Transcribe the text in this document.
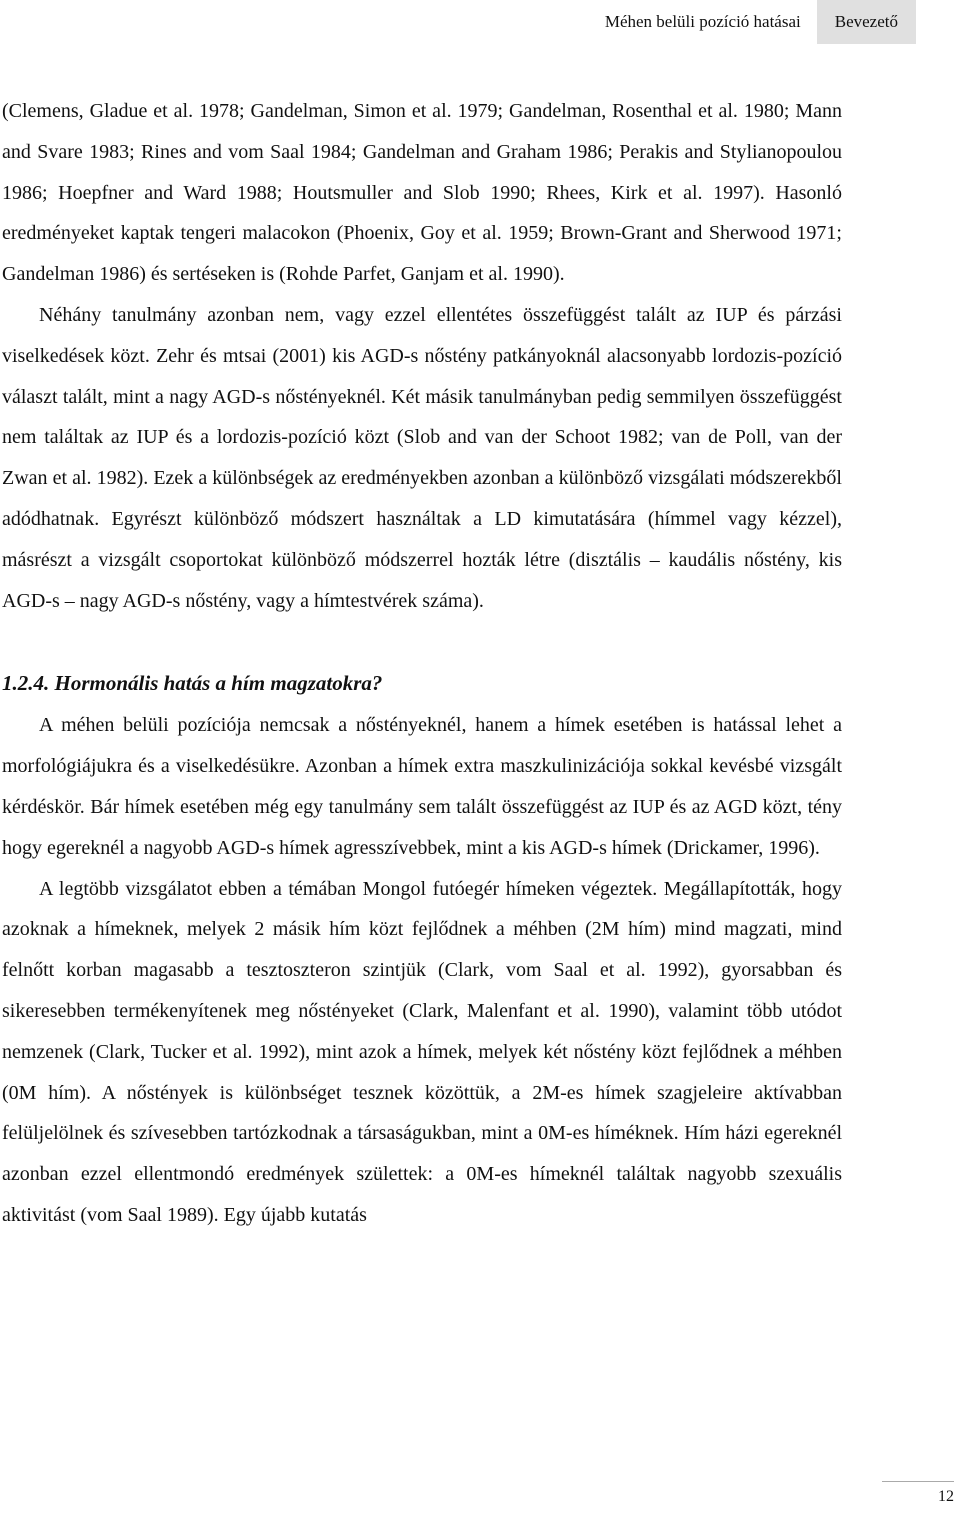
Méhen belüli pozíció hatásai	Bevezető

(Clemens, Gladue et al. 1978; Gandelman, Simon et al. 1979; Gandelman, Rosenthal et al. 1980; Mann and Svare 1983; Rines and vom Saal 1984; Gandelman and Graham 1986; Perakis and Stylianopoulou 1986; Hoepfner and Ward 1988; Houtsmuller and Slob 1990; Rhees, Kirk et al. 1997). Hasonló eredményeket kaptak tengeri malacokon (Phoenix, Goy et al. 1959; Brown-Grant and Sherwood 1971; Gandelman 1986) és sertéseken is (Rohde Parfet, Ganjam et al. 1990).

Néhány tanulmány azonban nem, vagy ezzel ellentétes összefüggést talált az IUP és párzási viselkedések közt. Zehr és mtsai (2001) kis AGD-s nőstény patkányoknál alacsonyabb lordozis-pozíció választ talált, mint a nagy AGD-s nőstényeknél. Két másik tanulmányban pedig semmilyen összefüggést nem találtak az IUP és a lordozis-pozíció közt (Slob and van der Schoot 1982; van de Poll, van der Zwan et al. 1982). Ezek a különbségek az eredményekben azonban a különböző vizsgálati módszerekből adódhatnak. Egyrészt különböző módszert használtak a LD kimutatására (hímmel vagy kézzel), másrészt a vizsgált csoportokat különböző módszerrel hozták létre (disztális – kaudális nőstény, kis AGD-s – nagy AGD-s nőstény, vagy a hímtestvérek száma).

1.2.4. Hormonális hatás a hím magzatokra?

A méhen belüli pozíciója nemcsak a nőstényeknél, hanem a hímek esetében is hatással lehet a morfológiájukra és a viselkedésükre. Azonban a hímek extra maszkulinizációja sokkal kevésbé vizsgált kérdéskör. Bár hímek esetében még egy tanulmány sem talált összefüggést az IUP és az AGD közt, tény hogy egereknél a nagyobb AGD-s hímek agresszívebbek, mint a kis AGD-s hímek (Drickamer, 1996).

A legtöbb vizsgálatot ebben a témában Mongol futóegér hímeken végeztek. Megállapították, hogy azoknak a hímeknek, melyek 2 másik hím közt fejlődnek a méhben (2M hím) mind magzati, mind felnőtt korban magasabb a tesztoszteron szintjük (Clark, vom Saal et al. 1992), gyorsabban és sikeresebben termékenyítenek meg nőstényeket (Clark, Malenfant et al. 1990), valamint több utódot nemzenek (Clark, Tucker et al. 1992), mint azok a hímek, melyek két nőstény közt fejlődnek a méhben (0M hím). A nőstények is különbséget tesznek közöttük, a 2M-es hímek szagjeleire aktívabban felüljelölnek és szívesebben tartózkodnak a társaságukban, mint a 0M-es híméknek. Hím házi egereknél azonban ezzel ellentmondó eredmények születtek: a 0M-es hímeknél találtak nagyobb szexuális aktivitást (vom Saal 1989). Egy újabb kutatás

12
